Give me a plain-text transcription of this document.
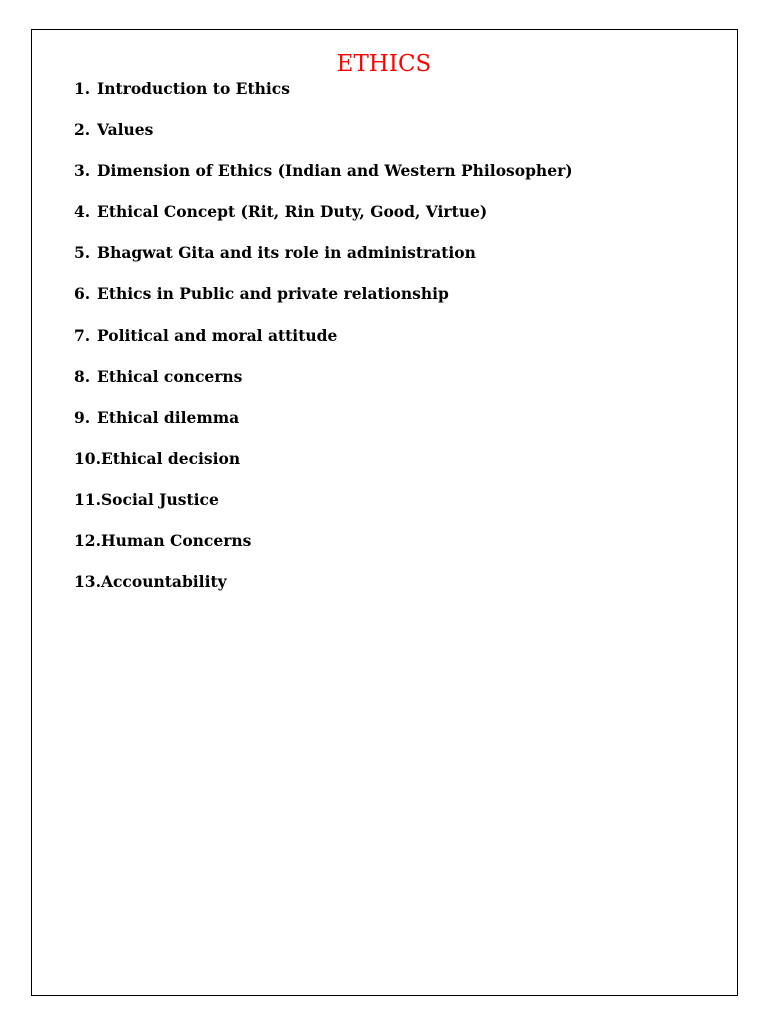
ETHICS
1. Introduction to Ethics
2. Values
3. Dimension of Ethics (Indian and Western Philosopher)
4. Ethical Concept (Rit, Rin Duty, Good, Virtue)
5. Bhagwat Gita and its role in administration
6. Ethics in Public and private relationship
7. Political and moral attitude
8. Ethical concerns
9. Ethical dilemma
10. Ethical decision
11. Social Justice
12. Human Concerns
13. Accountability
